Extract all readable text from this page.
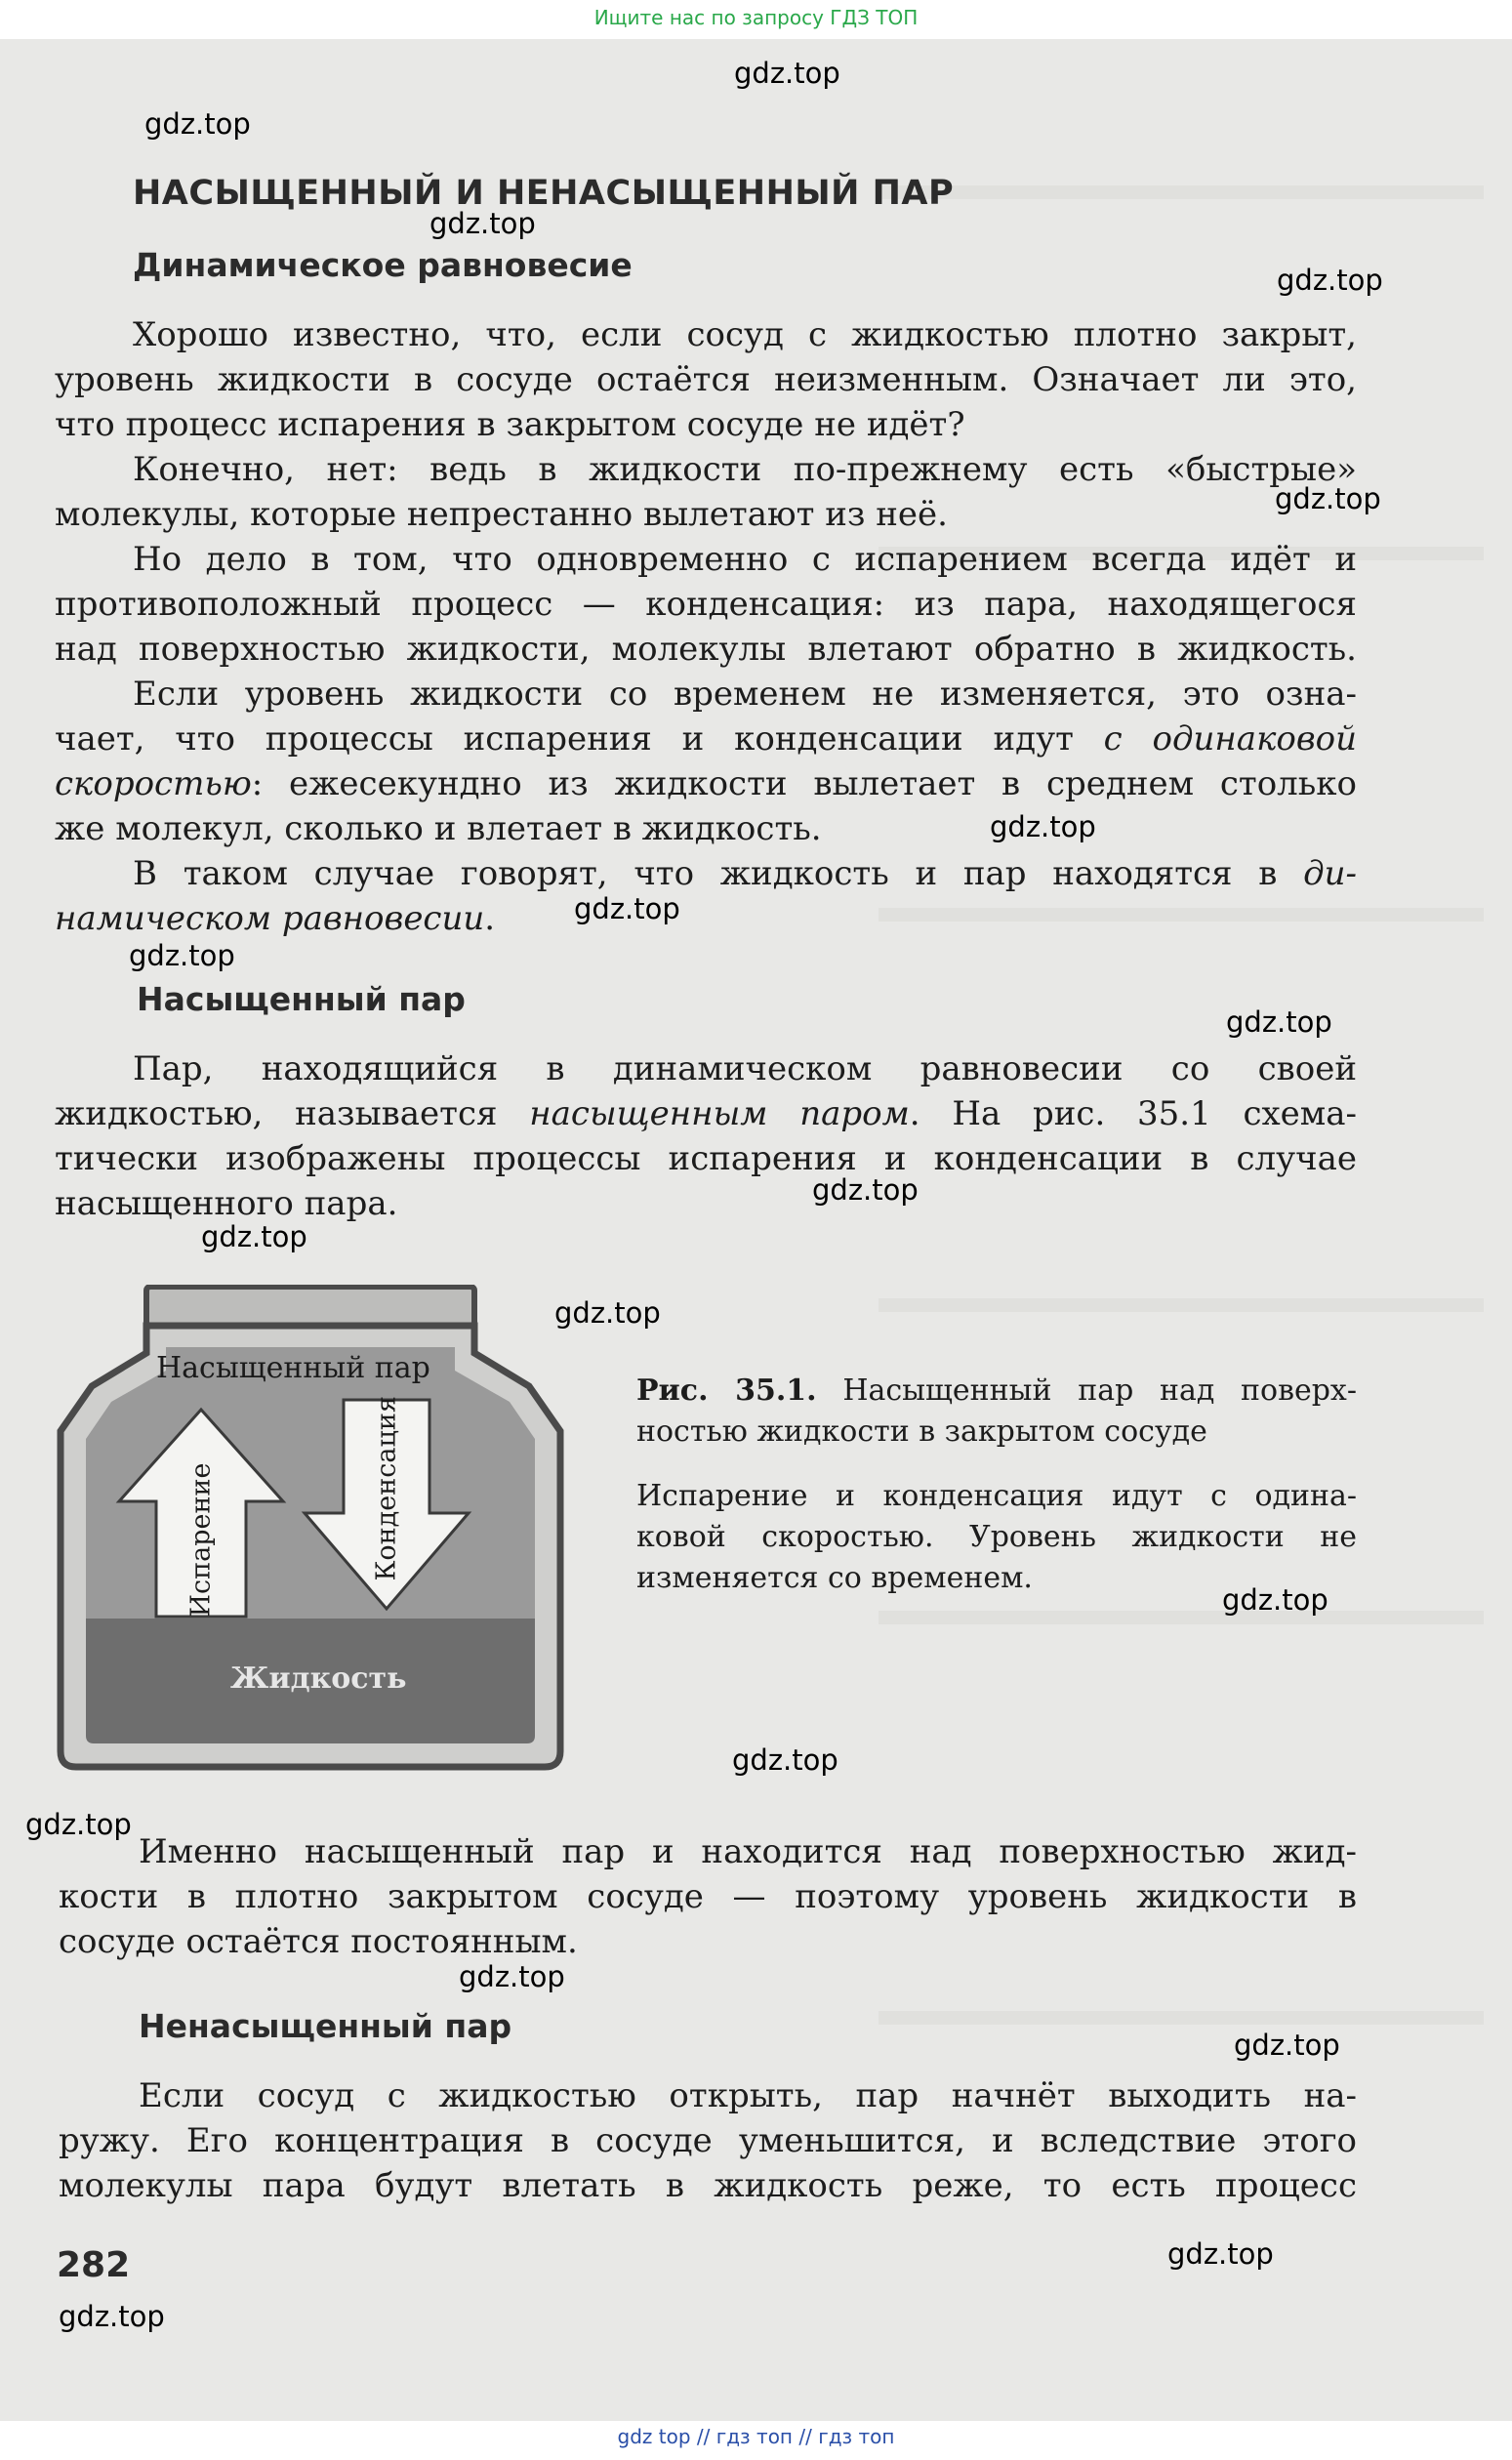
Ищите нас по запросу ГДЗ ТОП
gdz.top
gdz.top
gdz.top
gdz.top
gdz.top
gdz.top
gdz.top
gdz.top
gdz.top
gdz.top
gdz.top
gdz.top
gdz.top
gdz.top
gdz.top
gdz.top
gdz.top
gdz.top
gdz.top
НАСЫЩЕННЫЙ И НЕНАСЫЩЕННЫЙ ПАР
Динамическое равновесие
Хорошо известно, что, если сосуд с жидкостью плотно закрыт,
уровень жидкости в сосуде остаётся неизменным. Означает ли это,
что процесс испарения в закрытом сосуде не идёт?
Конечно, нет: ведь в жидкости по-прежнему есть «быстрые»
молекулы, которые непрестанно вылетают из неё.
Но дело в том, что одновременно с испарением всегда идёт и
противоположный процесс — конденсация: из пара, находящегося
над поверхностью жидкости, молекулы влетают обратно в жидкость.
Если уровень жидкости со временем не изменяется, это озна-
чает, что процессы испарения и конденсации идут с одинаковой
скоростью: ежесекундно из жидкости вылетает в среднем столько
же молекул, сколько и влетает в жидкость.
В таком случае говорят, что жидкость и пар находятся в ди-
намическом равновесии.
Насыщенный пар
Пар, находящийся в динамическом равновесии со своей
жидкостью, называется насыщенным паром. На рис. 35.1 схема-
тически изображены процессы испарения и конденсации в случае
насыщенного пара.
Насыщенный пар
Испарение	Конденсация
Жидкость
Рис. 35.1. Насыщенный пар над поверх-
ностью жидкости в закрытом сосуде
Испарение и конденсация идут с одина-
ковой скоростью. Уровень жидкости не
изменяется со временем.
Именно насыщенный пар и находится над поверхностью жид-
кости в плотно закрытом сосуде — поэтому уровень жидкости в
сосуде остаётся постоянным.
Ненасыщенный пар
Если сосуд с жидкостью открыть, пар начнёт выходить на-
ружу. Его концентрация в сосуде уменьшится, и вследствие этого
молекулы пара будут влетать в жидкость реже, то есть процесс
282
gdz top // гдз топ // гдз топ
